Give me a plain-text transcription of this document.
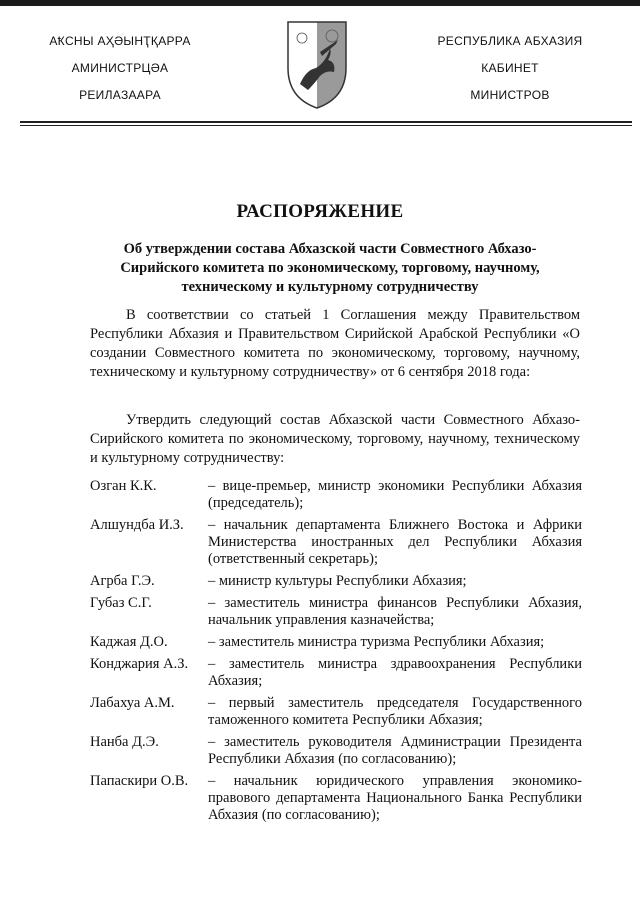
АҞСНЫ АҲӘЫНҬҚАРРА
АМИНИСТРЦӘА
РЕИЛАЗААРА
РЕСПУБЛИКА АБХАЗИЯ
КАБИНЕТ
МИНИСТРОВ
РАСПОРЯЖЕНИЕ
Об утверждении состава Абхазской части Совместного Абхазо-Сирийского комитета по экономическому, торговому, научному, техническому и культурному сотрудничеству
В соответствии со статьей 1 Соглашения между Правительством Республики Абхазия и Правительством Сирийской Арабской Республики «О создании Совместного комитета по экономическому, торговому, научному, техническому и культурному сотрудничеству» от 6 сентября 2018 года:
Утвердить следующий состав Абхазской части Совместного Абхазо-Сирийского комитета по экономическому, торговому, научному, техническому и культурному сотрудничеству:
Озган К.К.	– вице-премьер, министр экономики Республики Абхазия (председатель);
Алшундба И.З.	– начальник департамента Ближнего Востока и Африки Министерства иностранных дел Республики Абхазия (ответственный секретарь);
Агрба Г.Э.	– министр культуры Республики Абхазия;
Губаз С.Г.	– заместитель министра финансов Республики Абхазия, начальник управления казначейства;
Каджая Д.О.	– заместитель министра туризма Республики Абхазия;
Конджария А.З.	– заместитель министра здравоохранения Республики Абхазия;
Лабахуа А.М.	– первый заместитель председателя Государственного таможенного комитета Республики Абхазия;
Нанба Д.Э.	– заместитель руководителя Администрации Президента Республики Абхазия (по согласованию);
Папаскири О.В.	– начальник юридического управления экономико-правового департамента Национального Банка Республики Абхазия (по согласованию);
